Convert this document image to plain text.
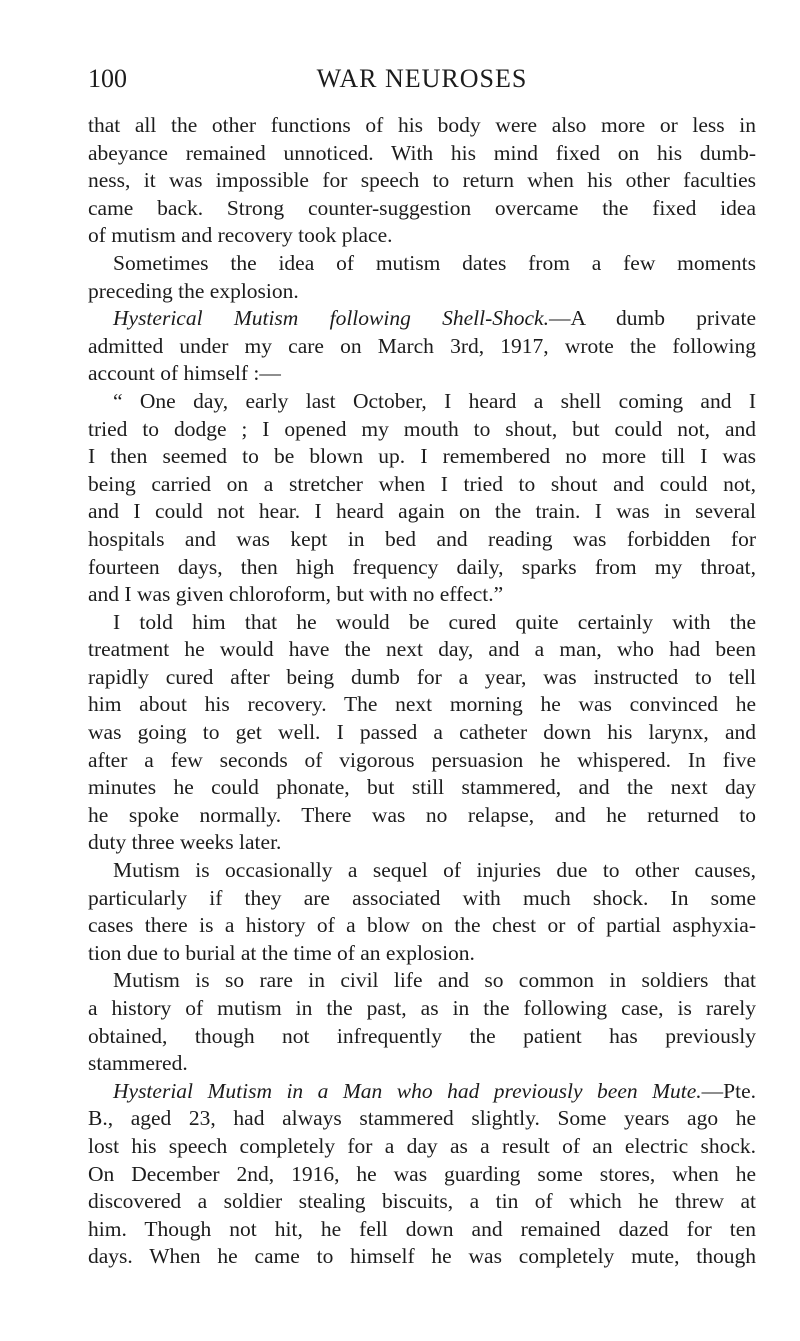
100	WAR NEUROSES
that all the other functions of his body were also more or less in
abeyance remained unnoticed. With his mind fixed on his dumb-
ness, it was impossible for speech to return when his other faculties
came back. Strong counter-suggestion overcame the fixed idea
of mutism and recovery took place.
Sometimes the idea of mutism dates from a few moments
preceding the explosion.
Hysterical Mutism following Shell-Shock.—A dumb private
admitted under my care on March 3rd, 1917, wrote the following
account of himself :—
“ One day, early last October, I heard a shell coming and I
tried to dodge ; I opened my mouth to shout, but could not, and
I then seemed to be blown up. I remembered no more till I was
being carried on a stretcher when I tried to shout and could not,
and I could not hear. I heard again on the train. I was in several
hospitals and was kept in bed and reading was forbidden for
fourteen days, then high frequency daily, sparks from my throat,
and I was given chloroform, but with no effect.”
I told him that he would be cured quite certainly with the
treatment he would have the next day, and a man, who had been
rapidly cured after being dumb for a year, was instructed to tell
him about his recovery. The next morning he was convinced he
was going to get well. I passed a catheter down his larynx, and
after a few seconds of vigorous persuasion he whispered. In five
minutes he could phonate, but still stammered, and the next day
he spoke normally. There was no relapse, and he returned to
duty three weeks later.
Mutism is occasionally a sequel of injuries due to other causes,
particularly if they are associated with much shock. In some
cases there is a history of a blow on the chest or of partial asphyxia-
tion due to burial at the time of an explosion.
Mutism is so rare in civil life and so common in soldiers that
a history of mutism in the past, as in the following case, is rarely
obtained, though not infrequently the patient has previously
stammered.
Hysterial Mutism in a Man who had previously been Mute.—Pte.
B., aged 23, had always stammered slightly. Some years ago he
lost his speech completely for a day as a result of an electric shock.
On December 2nd, 1916, he was guarding some stores, when he
discovered a soldier stealing biscuits, a tin of which he threw at
him. Though not hit, he fell down and remained dazed for ten
days. When he came to himself he was completely mute, though
